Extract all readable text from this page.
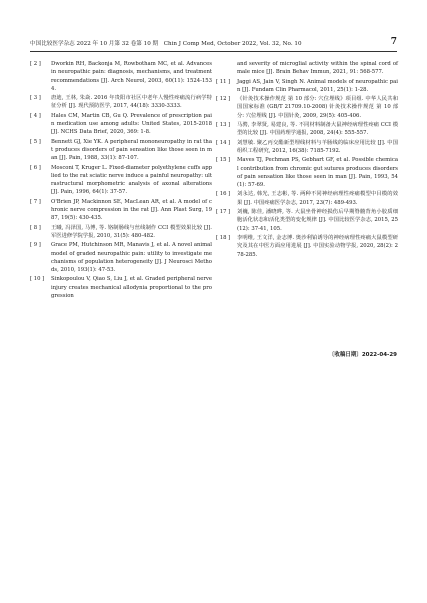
中国比较医学杂志 2022 年 10 月第 32 卷第 10 期　Chin J Comp Med, October 2022, Vol. 32, No. 10	7
[ 2 ]	Dworkin RH, Backonja M, Rowbotham MC, et al. Advances in neuropathic pain: diagnosis, mechanisms, and treatment recommendations [J]. Arch Neurol, 2003, 60(11): 1524-1534.
[ 3 ]	唐迪, 王林, 朱焱. 2016 年贵阳市社区中老年人慢性疼痛流行病学特征分析 [J]. 现代预防医学, 2017, 44(18): 3330-3333.
[ 4 ]	Hales CM, Martin CB, Gu Q. Prevalence of prescription pain medication use among adults: United States, 2015-2018 [J]. NCHS Data Brief, 2020, 369: 1-8.
[ 5 ]	Bennett GJ, Xie YK. A peripheral mononeuropathy in rat that produces disorders of pain sensation like those seen in man [J]. Pain, 1988, 33(1): 87-107.
[ 6 ]	Mosconi T, Kruger L. Fixed-diameter polyethylene cuffs applied to the rat sciatic nerve induce a painful neuropathy: ultrastructural morphometric analysis of axonal alterations [J]. Pain, 1996, 64(1): 37-57.
[ 7 ]	O'Brien JP, Mackinnon SE, MacLean AR, et al. A model of chronic nerve compression in the rat [J]. Ann Plast Surg, 1987, 19(5): 430-435.
[ 8 ]	王曦, 冯泽国, 马博, 等. 铬制肠线与丝线制作 CCI 模型效果比较 [J]. 军医进修学院学报, 2010, 31(5): 480-482.
[ 9 ]	Grace PM, Hutchinson MR, Manavis J, et al. A novel animal model of graded neuropathic pain: utility to investigate mechanisms of population heterogeneity [J]. J Neurosci Methods, 2010, 193(1): 47-53.
[ 10 ]	Sinkopoulou V, Qiao S, Liu J, et al. Graded peripheral nerve injury creates mechanical allodynia proportional to the progression
and severity of microglial activity within the spinal cord of male mice [J]. Brain Behav Immun, 2021, 91: 568-577.
[ 11 ]	Jaggi AS, Jain V, Singh N. Animal models of neuropathic pain [J]. Fundam Clin Pharmacol, 2011, 25(1): 1-28.
[ 12 ]	《针灸技术操作规范 第 10 部分: 穴位埋线》项目组. 中华人民共和国国家标准 (GB/T 21709.10-2008) 针灸技术操作规范 第 10 部分: 穴位埋线 [J]. 中国针灸, 2009, 29(5): 405-406.
[ 13 ]	马骋, 李翠贤, 易建良, 等. 不同材料制备大鼠神经病理性疼痛 CCI 模型的比较 [J]. 中国药理学通报, 2008, 24(4): 555-557.
[ 14 ]	刘慧敏. 聚乙丙交酯新型埋线材料与羊肠线的临床应用比较 [J]. 中国组织工程研究, 2012, 16(38): 7185-7192.
[ 15 ]	Maves TJ, Pechman PS, Gebhart GF, et al. Possible chemical contribution from chromic gut sutures produces disorders of pain sensation like those seen in man [J]. Pain, 1993, 54(1): 57-69.
[ 16 ]	刘永达, 韩光, 王志彬, 等. 两种不同神经病理性疼痛模型中目模的效果 [J]. 中国疼痛医学杂志, 2017, 23(7): 489-493.
[ 17 ]	刘巍, 陈佳, 潘晓晔, 等. 大鼠坐骨神经损伤后早期脊髓背角小胶质细胞活化状态和活化类型的变化规律 [J]. 中国比较医学杂志, 2015, 25(12): 37-41, 105.
[ 18 ]	李明维, 王文洋, 金志博. 奥沙利铂诱导的神经病理性疼痛大鼠模型研究及其在中医方面应用进展 [J]. 中国实验动物学报, 2020, 28(2): 278-285.
〔收稿日期〕2022-04-29
